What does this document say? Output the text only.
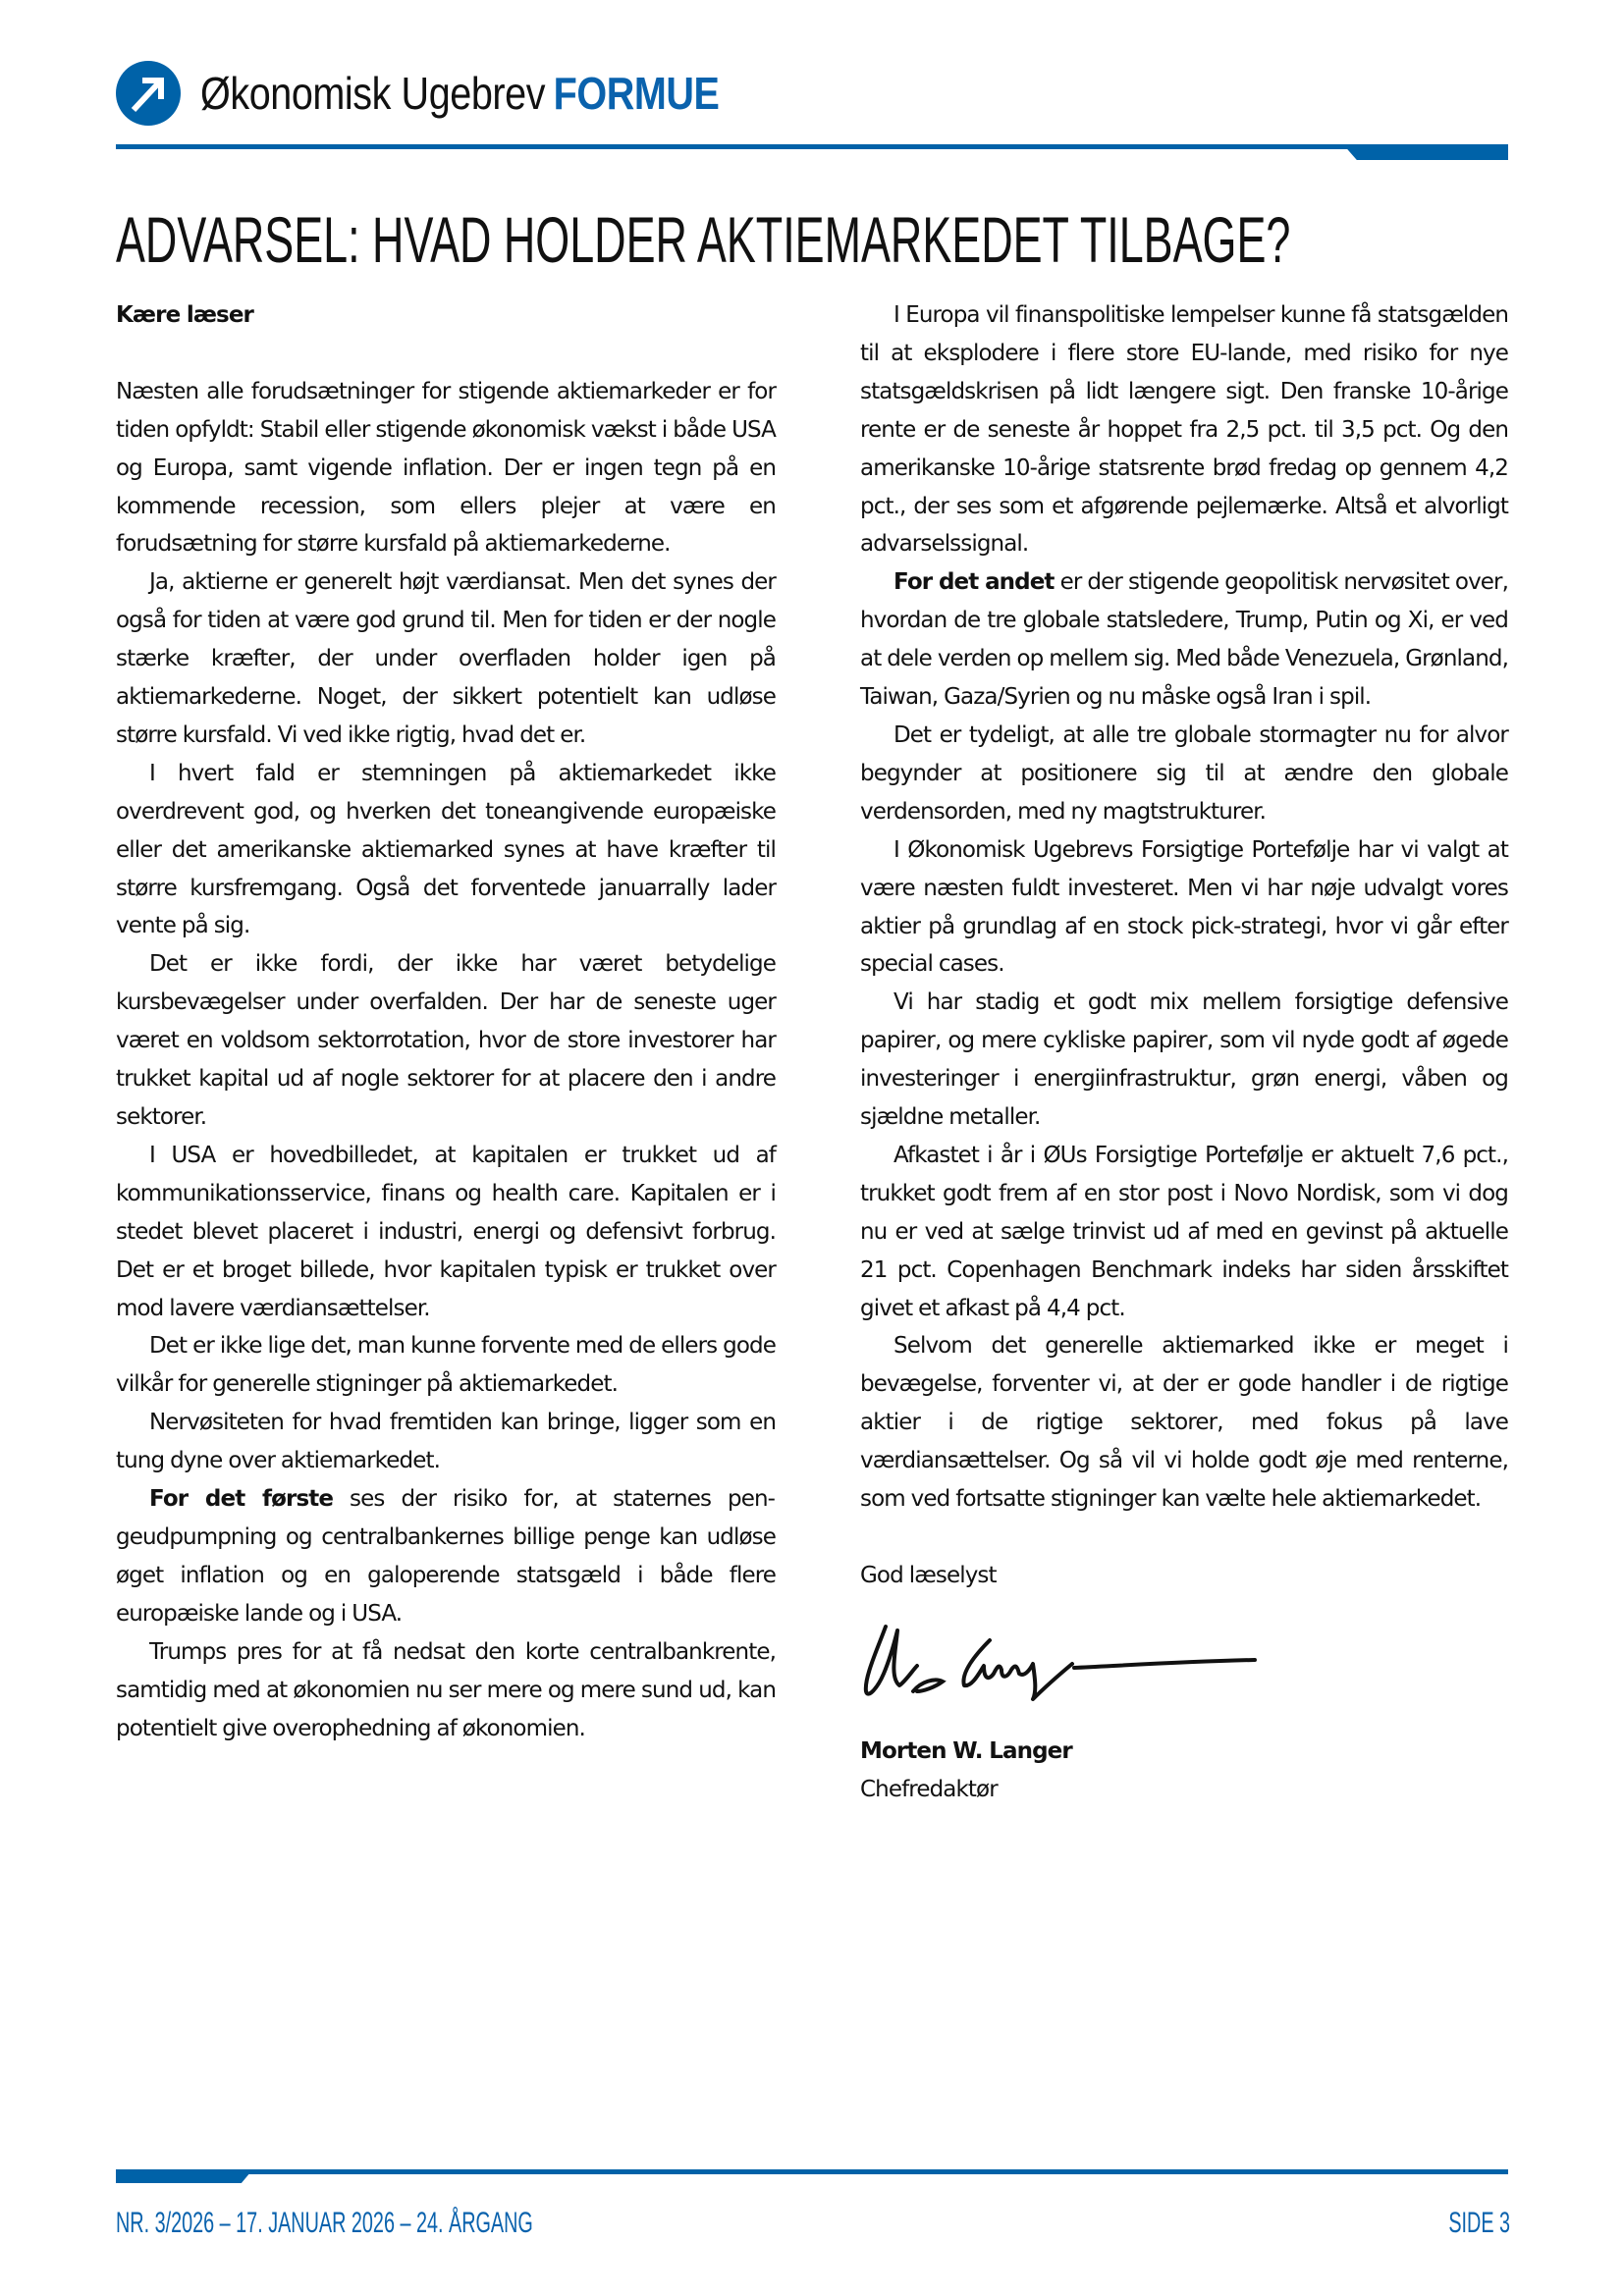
Økonomisk Ugebrev FORMUE
ADVARSEL: HVAD HOLDER AKTIEMARKEDET TILBAGE?

Kære læser

Næsten alle forudsætninger for stigende aktiemarkeder er for tiden opfyldt: Stabil eller stigende økonomisk vækst i både USA og Europa, samt vigende inflation. Der er ingen tegn på en kommende recession, som ellers plejer at være en forudsætning for større kursfald på aktiemarkederne.

Ja, aktierne er generelt højt værdiansat. Men det synes der også for tiden at være god grund til. Men for tiden er der nogle stærke kræfter, der under overfladen holder igen på aktiemarkederne. Noget, der sikkert potentielt kan udløse større kursfald. Vi ved ikke rigtig, hvad det er.

I hvert fald er stemningen på aktiemarkedet ikke overdrevent god, og hverken det toneangivende europæiske eller det amerikanske aktiemarked synes at have kræfter til større kursfremgang. Også det forventede januarrally lader vente på sig.

Det er ikke fordi, der ikke har været betydelige kursbevægelser under overfalden. Der har de seneste uger været en voldsom sektorrotation, hvor de store investorer har trukket kapital ud af nogle sektorer for at placere den i andre sektorer.

I USA er hovedbilledet, at kapitalen er trukket ud af kommunikationsservice, finans og health care. Kapitalen er i stedet blevet placeret i industri, energi og defensivt forbrug. Det er et broget billede, hvor kapitalen typisk er trukket over mod lavere værdiansættelser.

Det er ikke lige det, man kunne forvente med de ellers gode vilkår for generelle stigninger på aktiemarkedet.

Nervøsiteten for hvad fremtiden kan bringe, ligger som en tung dyne over aktiemarkedet.

For det første ses der risiko for, at staternes pengeudpumpning og centralbankernes billige penge kan udløse øget inflation og en galoperende statsgæld i både flere europæiske lande og i USA.

Trumps pres for at få nedsat den korte centralbankrente, samtidig med at økonomien nu ser mere og mere sund ud, kan potentielt give overophedning af økonomien.

I Europa vil finanspolitiske lempelser kunne få statsgælden til at eksplodere i flere store EU-lande, med risiko for nye statsgældskrisen på lidt længere sigt. Den franske 10-årige rente er de seneste år hoppet fra 2,5 pct. til 3,5 pct. Og den amerikanske 10-årige statsrente brød fredag op gennem 4,2 pct., der ses som et afgørende pejlemærke. Altså et alvorligt advarselssignal.

For det andet er der stigende geopolitisk nervøsitet over, hvordan de tre globale statsledere, Trump, Putin og Xi, er ved at dele verden op mellem sig. Med både Venezuela, Grønland, Taiwan, Gaza/Syrien og nu måske også Iran i spil.

Det er tydeligt, at alle tre globale stormagter nu for alvor begynder at positionere sig til at ændre den globale verdensorden, med ny magtstrukturer.

I Økonomisk Ugebrevs Forsigtige Portefølje har vi valgt at være næsten fuldt investeret. Men vi har nøje udvalgt vores aktier på grundlag af en stock pick-strategi, hvor vi går efter special cases.

Vi har stadig et godt mix mellem forsigtige defensive papirer, og mere cykliske papirer, som vil nyde godt af øgede investeringer i energiinfrastruktur, grøn energi, våben og sjældne metaller.

Afkastet i år i ØUs Forsigtige Portefølje er aktuelt 7,6 pct., trukket godt frem af en stor post i Novo Nordisk, som vi dog nu er ved at sælge trinvist ud af med en gevinst på aktuelle 21 pct. Copenhagen Benchmark indeks har siden årsskiftet givet et afkast på 4,4 pct.

Selvom det generelle aktiemarked ikke er meget i bevægelse, forventer vi, at der er gode handler i de rigtige aktier i de rigtige sektorer, med fokus på lave værdiansættelser. Og så vil vi holde godt øje med renterne, som ved fortsatte stigninger kan vælte hele aktiemarkedet.

God læselyst

Morten W. Langer

Chefredaktør

NR. 3/2026 – 17. JANUAR 2026 – 24. ÅRGANG	SIDE 3
